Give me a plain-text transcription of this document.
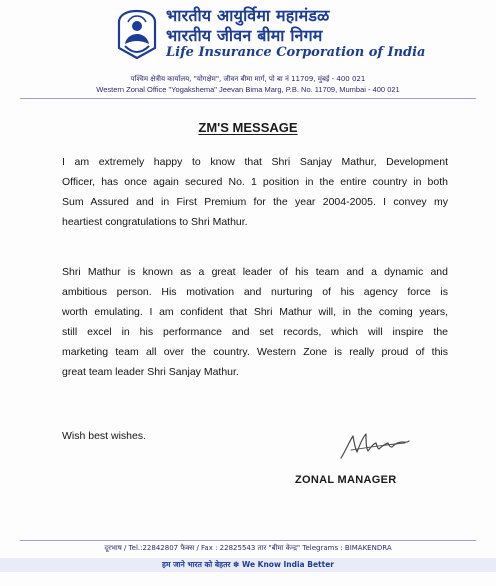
भारतीय आयुर्विमा महामंडळ
भारतीय जीवन बीमा निगम
Life Insurance Corporation of India
पश्चिम क्षेत्रीय कार्यालय, "योगक्षेम", जीवन बीमा मार्ग, पो बा नं 11709, मुंबई - 400 021
Western Zonal Office "Yogakshema" Jeevan Bima Marg, P.B. No. 11709, Mumbai - 400 021
ZM'S MESSAGE
I am extremely happy to know that Shri Sanjay Mathur, Development
Officer, has once again secured No. 1 position in the entire country in both
Sum Assured and in First Premium for the year 2004-2005. I convey my
heartiest congratulations to Shri Mathur.
Shri Mathur is known as a great leader of his team and a dynamic and
ambitious person. His motivation and nurturing of his agency force is
worth emulating. I am confident that Shri Mathur will, in the coming years,
still excel in his performance and set records, which will inspire the
marketing team all over the country. Western Zone is really proud of this
great team leader Shri Sanjay Mathur.
Wish best wishes.
ZONAL MANAGER
दूरभाष / Tel.:22842807 फैक्स / Fax : 22825543 तार "बीमा केन्द्र" Telegrams : BIMAKENDRA
हम जाने भारत को बेहतर ✽ We Know India Better
